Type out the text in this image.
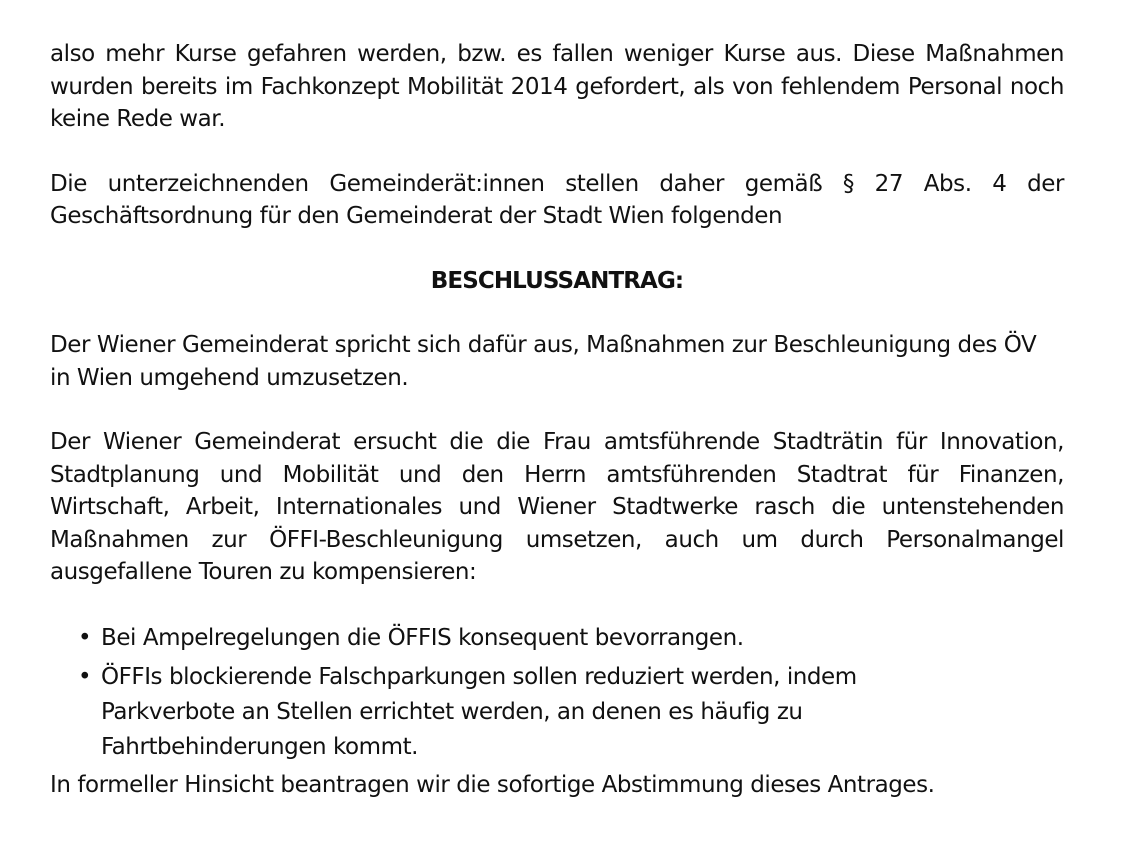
also mehr Kurse gefahren werden, bzw. es fallen weniger Kurse aus. Diese Maßnahmen wurden bereits im Fachkonzept Mobilität 2014 gefordert, als von fehlendem Personal noch keine Rede war.

Die unterzeichnenden Gemeinderät:innen stellen daher gemäß § 27 Abs. 4 der Geschäftsordnung für den Gemeinderat der Stadt Wien folgenden

BESCHLUSSANTRAG:

Der Wiener Gemeinderat spricht sich dafür aus, Maßnahmen zur Beschleunigung des ÖV in Wien umgehend umzusetzen.

Der Wiener Gemeinderat ersucht die die Frau amtsführende Stadträtin für Innovation, Stadtplanung und Mobilität und den Herrn amtsführenden Stadtrat für Finanzen, Wirtschaft, Arbeit, Internationales und Wiener Stadtwerke rasch die untenstehenden Maßnahmen zur ÖFFI-Beschleunigung umsetzen, auch um durch Personalmangel ausgefallene Touren zu kompensieren:

• Bei Ampelregelungen die ÖFFIS konsequent bevorrangen.
• ÖFFIs blockierende Falschparkungen sollen reduziert werden, indem Parkverbote an Stellen errichtet werden, an denen es häufig zu Fahrtbehinderungen kommt.

In formeller Hinsicht beantragen wir die sofortige Abstimmung dieses Antrages.
